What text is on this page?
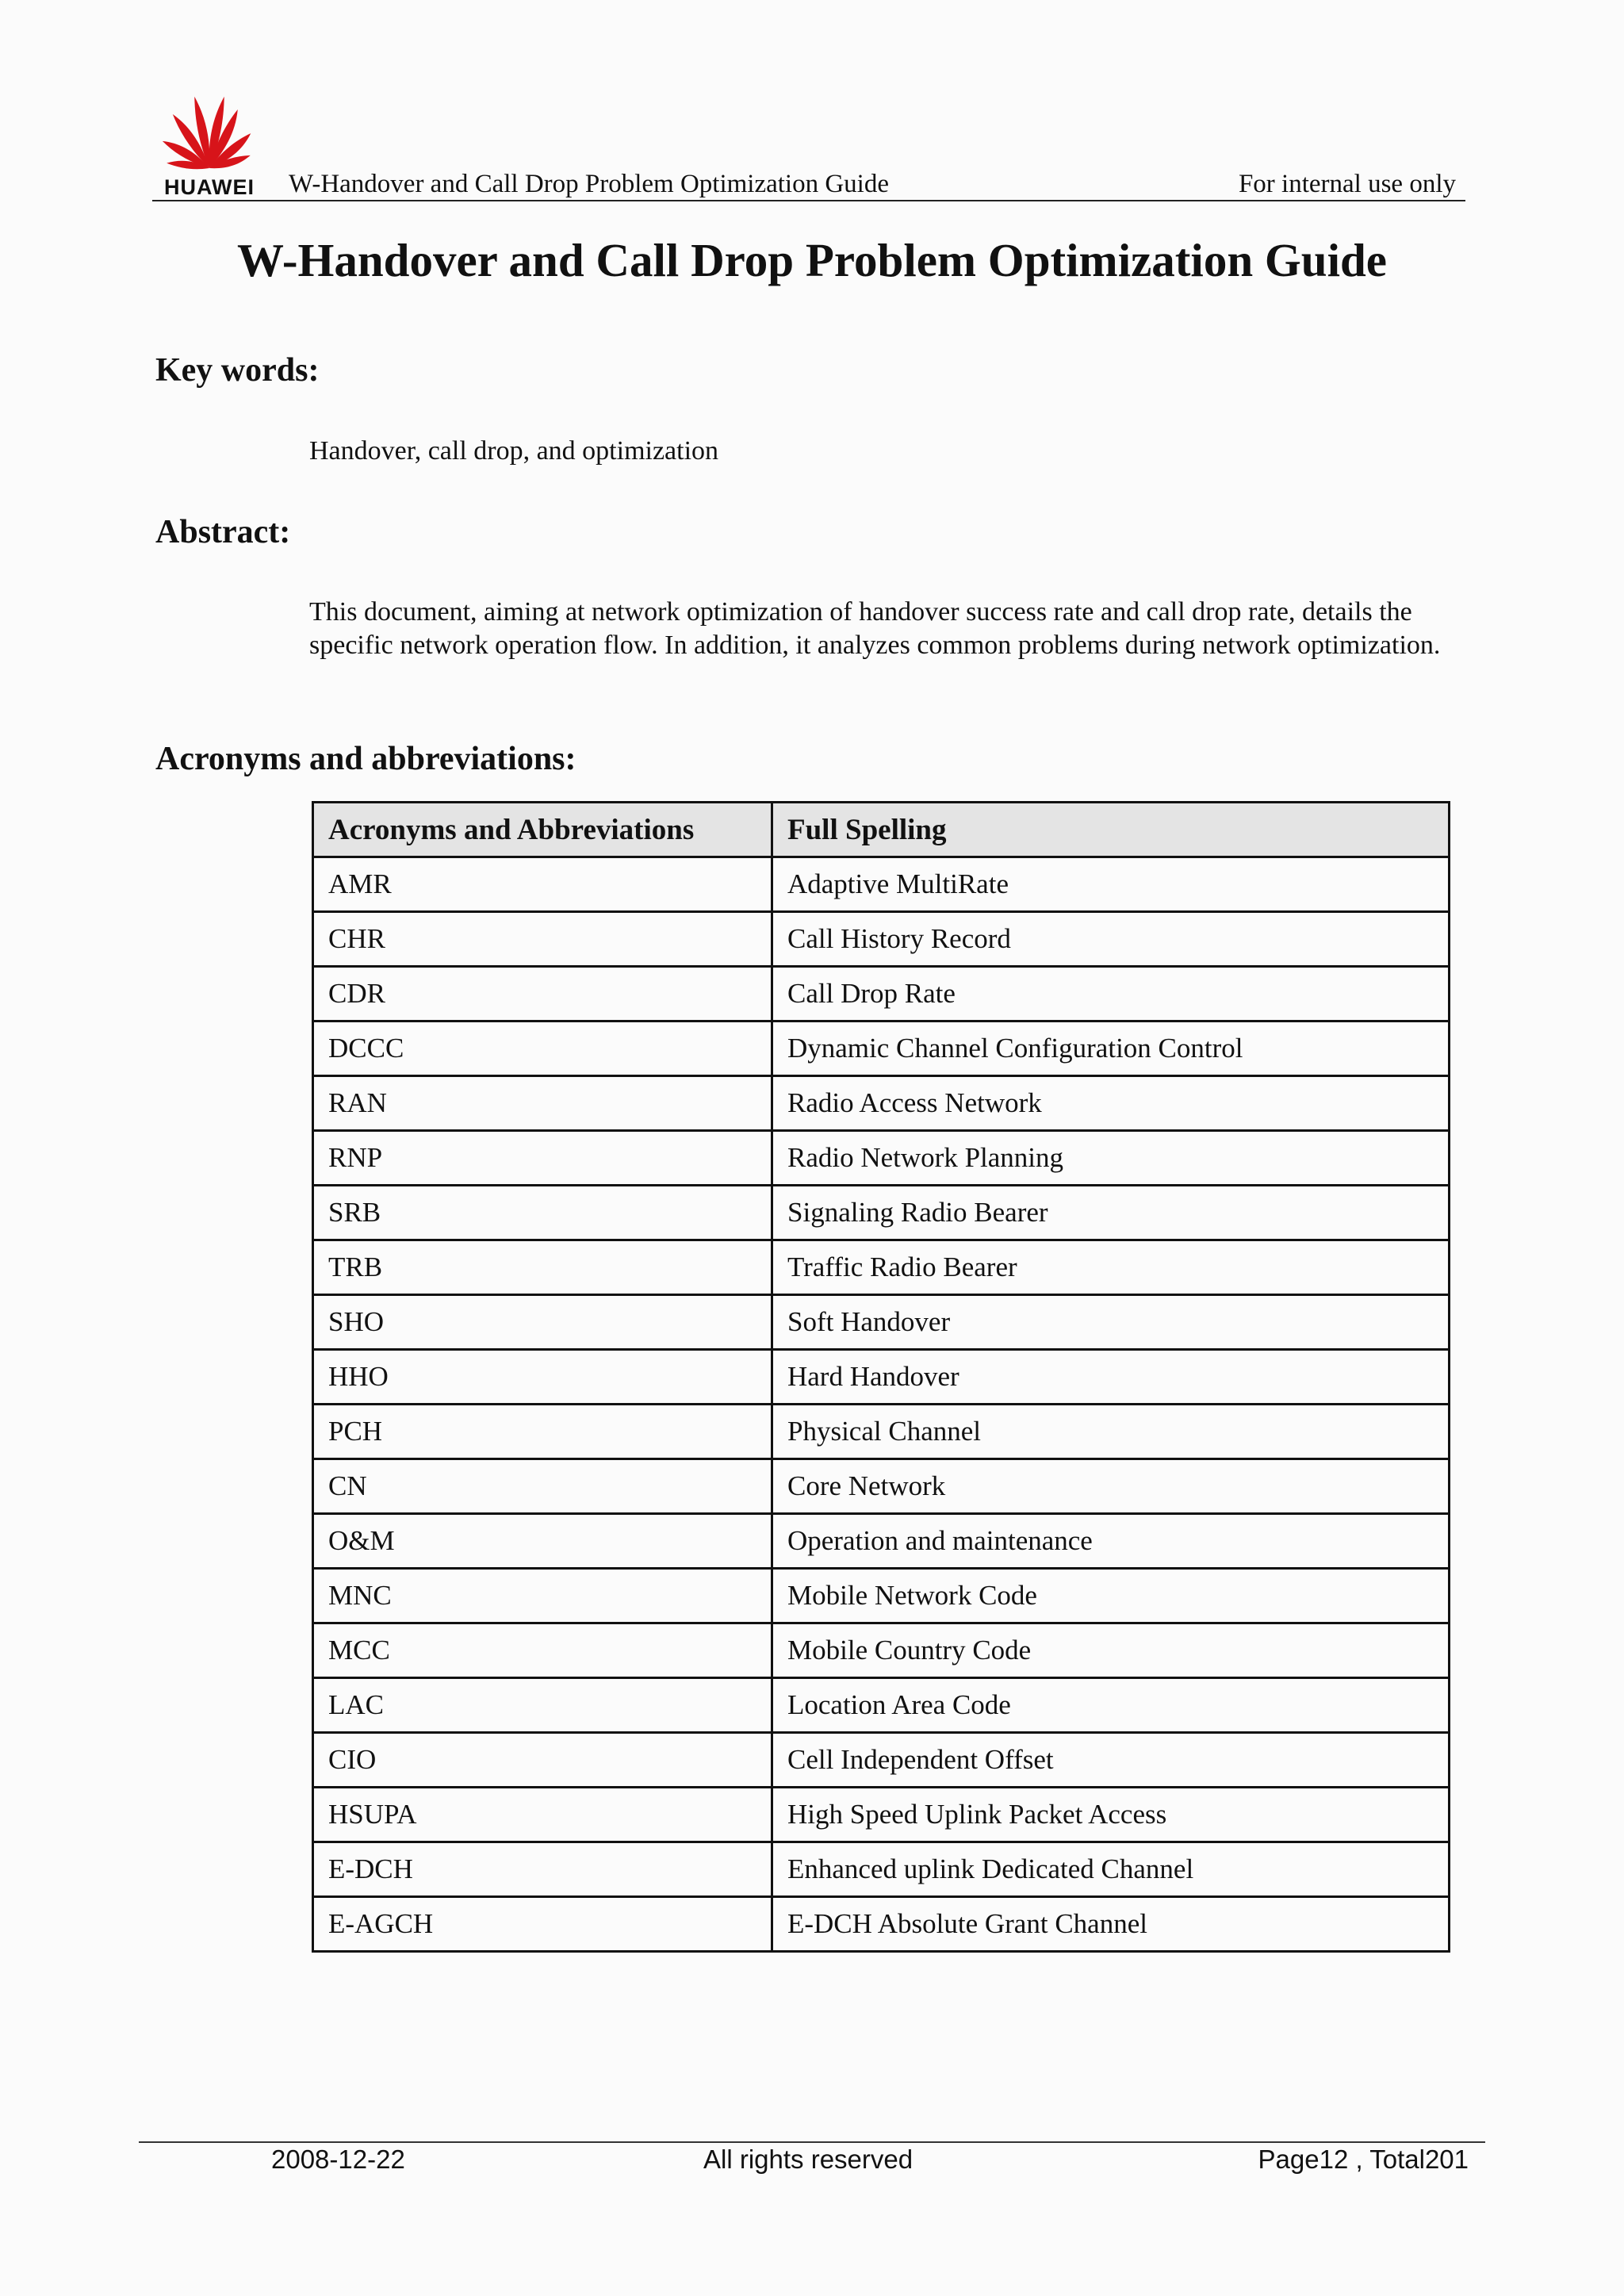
HUAWEI	W-Handover and Call Drop Problem Optimization Guide	For internal use only
W-Handover and Call Drop Problem Optimization Guide
Key words:
Handover, call drop, and optimization
Abstract:
This document, aiming at network optimization of handover success rate and call drop rate, details the specific network operation flow. In addition, it analyzes common problems during network optimization.
Acronyms and abbreviations:
Acronyms and Abbreviations	Full Spelling
AMR	Adaptive MultiRate
CHR	Call History Record
CDR	Call Drop Rate
DCCC	Dynamic Channel Configuration Control
RAN	Radio Access Network
RNP	Radio Network Planning
SRB	Signaling Radio Bearer
TRB	Traffic Radio Bearer
SHO	Soft Handover
HHO	Hard Handover
PCH	Physical Channel
CN	Core Network
O&M	Operation and maintenance
MNC	Mobile Network Code
MCC	Mobile Country Code
LAC	Location Area Code
CIO	Cell Independent Offset
HSUPA	High Speed Uplink Packet Access
E-DCH	Enhanced uplink Dedicated Channel
E-AGCH	E-DCH Absolute Grant Channel
2008-12-22	All rights reserved	Page12 , Total201
